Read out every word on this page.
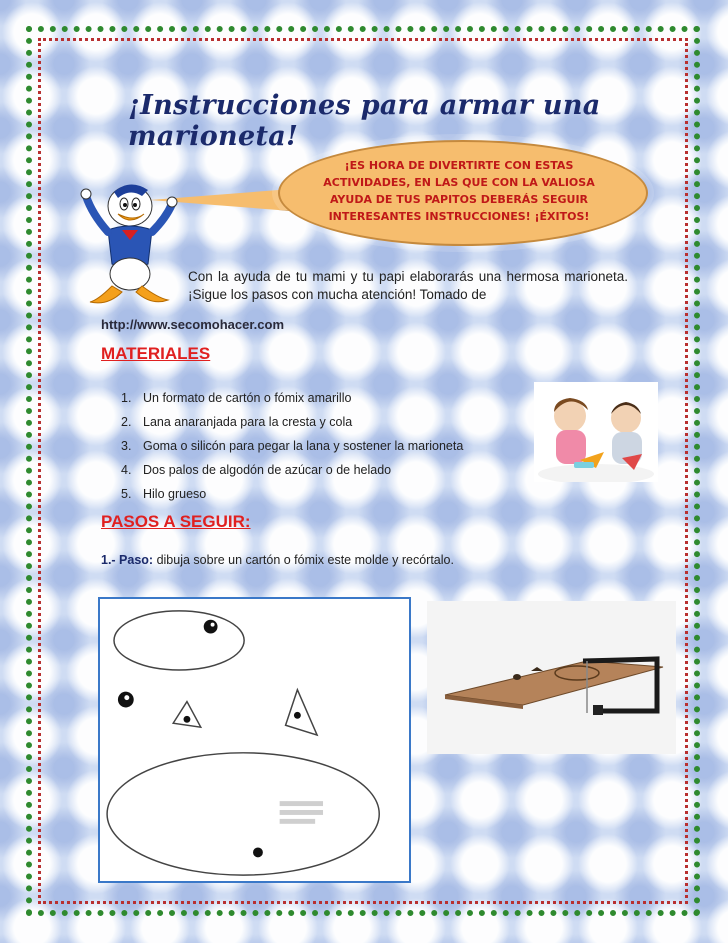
¡Instrucciones para armar una marioneta!
¡ES HORA DE DIVERTIRTE CON ESTAS
ACTIVIDADES, EN LAS QUE CON LA VALIOSA
AYUDA DE TUS PAPITOS DEBERÁS SEGUIR
INTERESANTES INSTRUCCIONES! ¡ÉXITOS!
Con la ayuda de tu mami y tu papi elaborarás una hermosa marioneta. ¡Sigue los pasos con mucha atención! Tomado de
http://www.secomohacer.com
MATERIALES
1. Un formato de cartón o fómix amarillo
2. Lana anaranjada para la cresta y cola
3. Goma o silicón para pegar la lana y sostener la marioneta
4. Dos palos de algodón de azúcar o de helado
5. Hilo grueso
PASOS A SEGUIR:
1.- Paso: dibuja sobre un cartón o fómix este molde y recórtalo.
